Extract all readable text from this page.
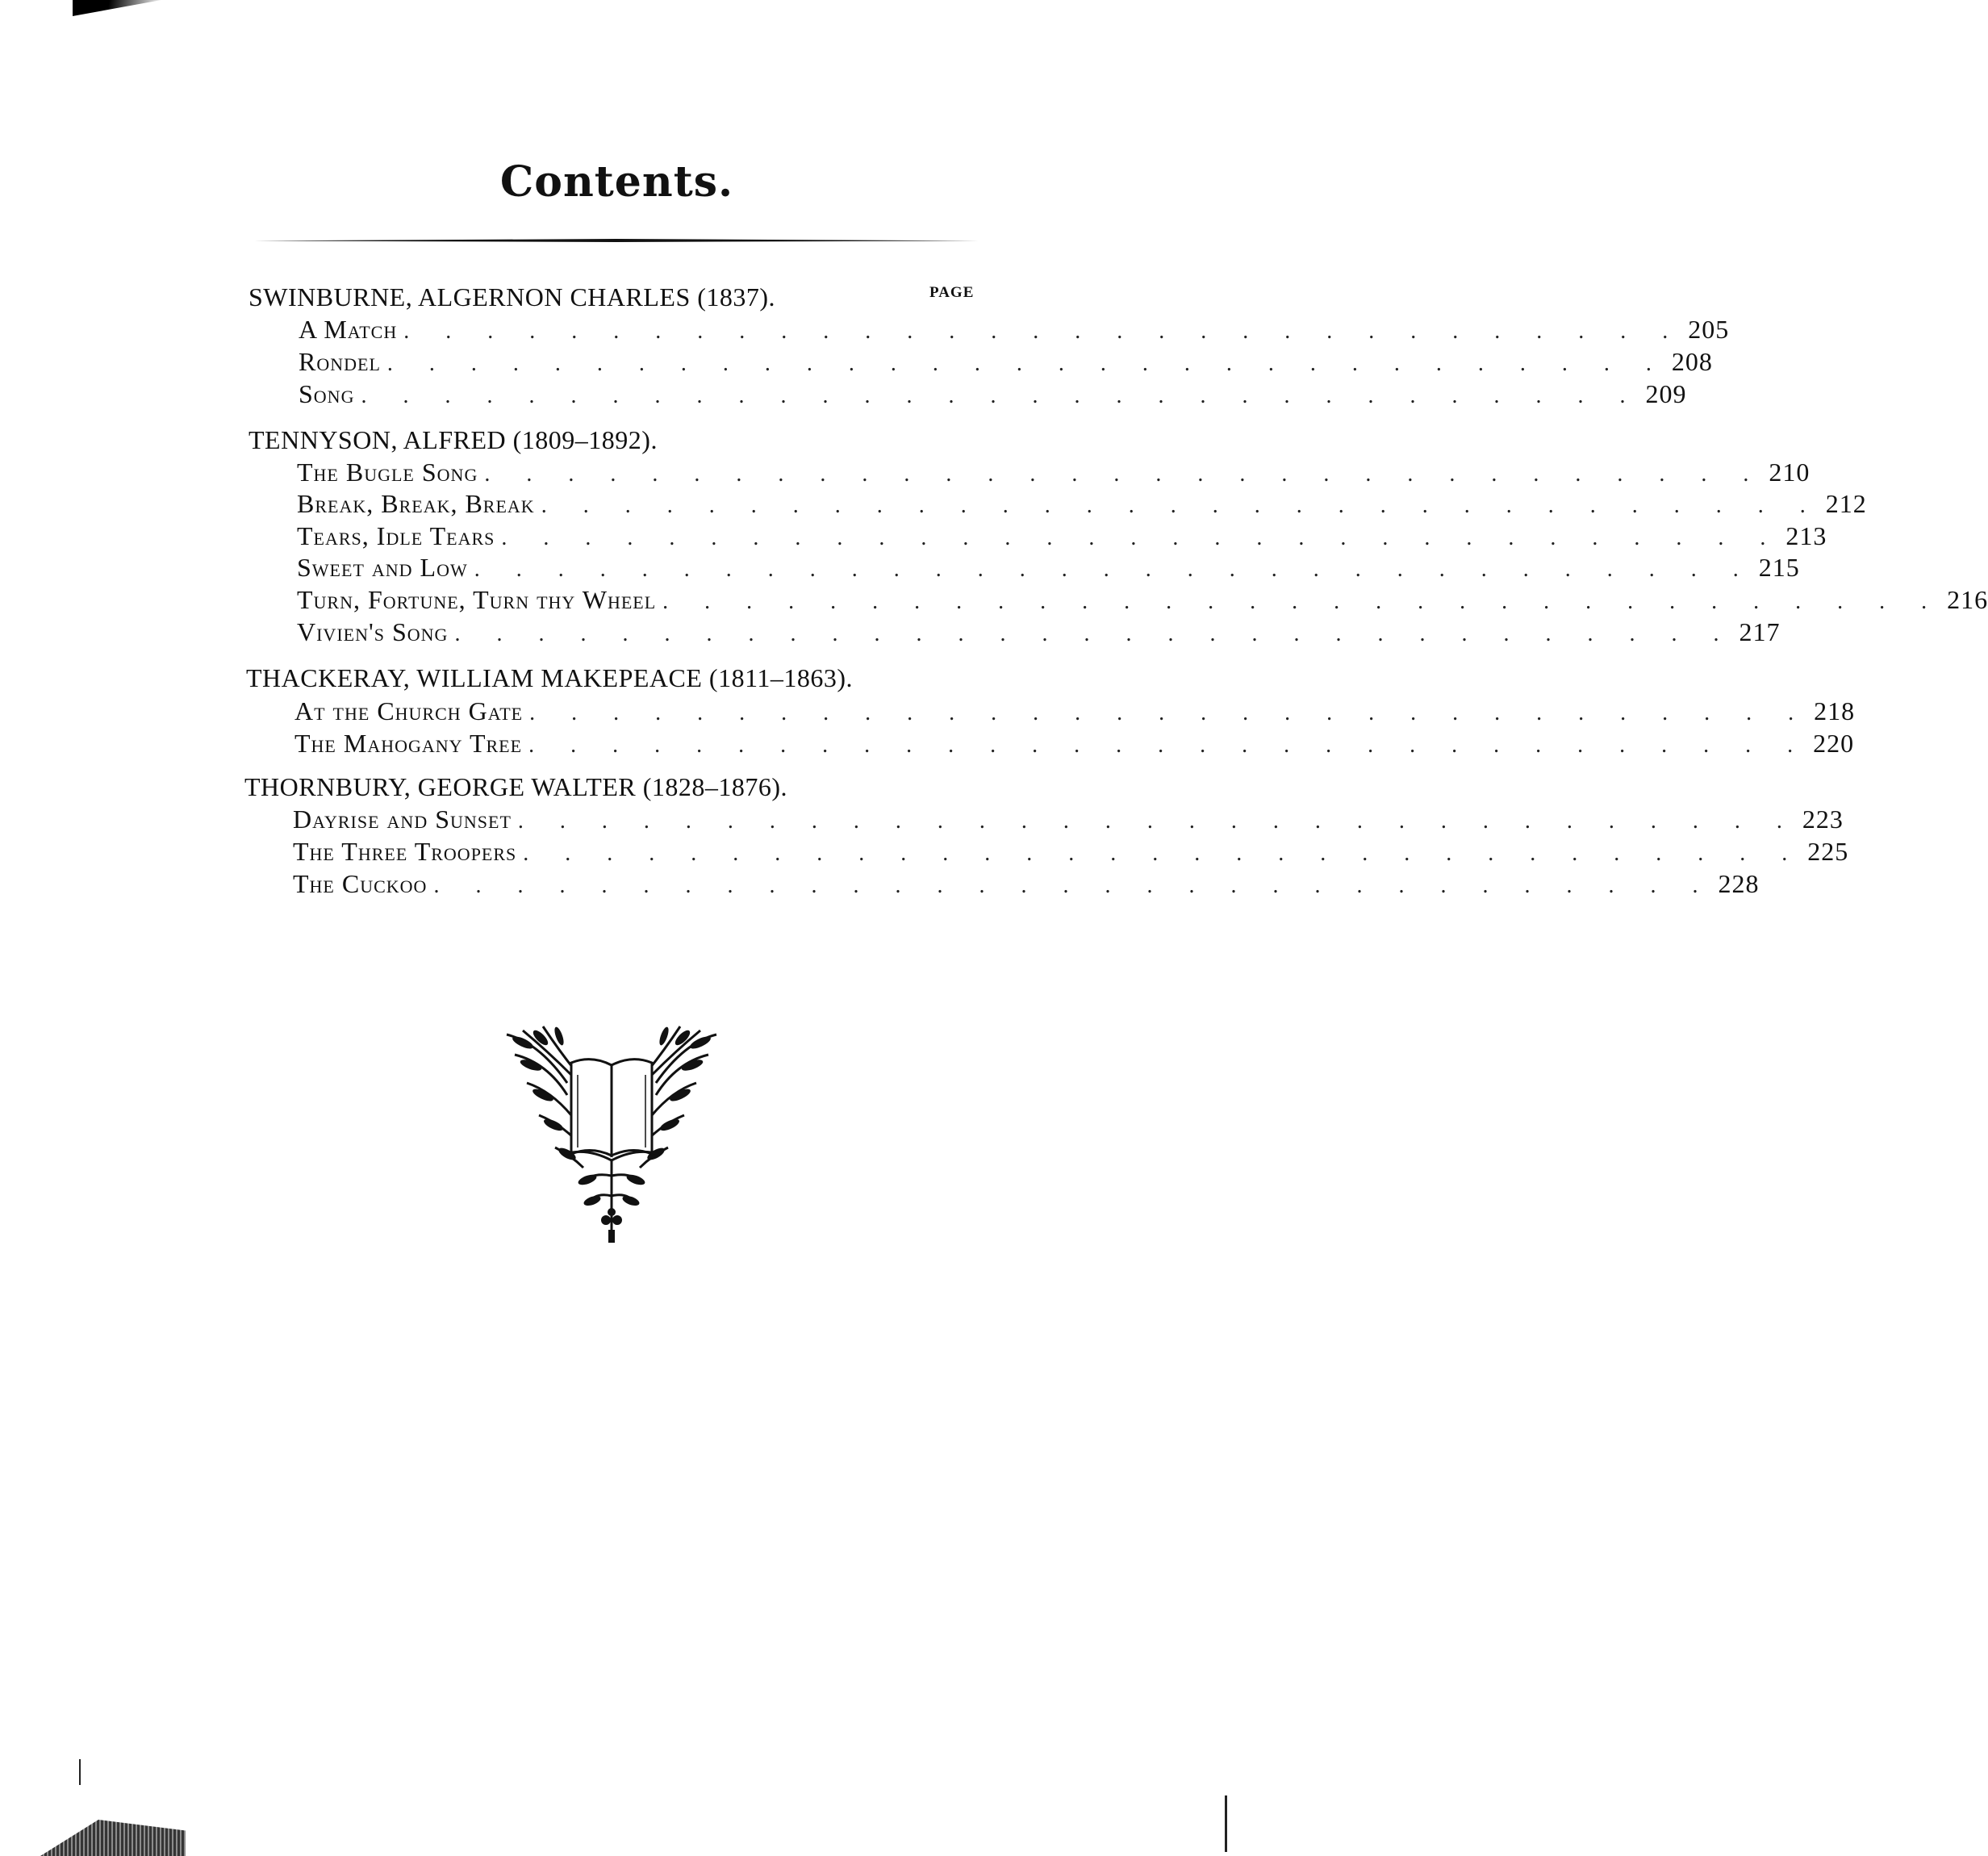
Contents.
PAGE
SWINBURNE, ALGERNON CHARLES (1837).
A Match . . . . . . . . . . . . . . . . . . . . . . . . . . . . . . . 205
Rondel . . . . . . . . . . . . . . . . . . . . . . . . . . . . . . . 208
Song . . . . . . . . . . . . . . . . . . . . . . . . . . . . . . . 209
TENNYSON, ALFRED (1809–1892).
The Bugle Song . . . . . . . . . . . . . . . . . . . . . . . . . . . . . . . 210
Break, Break, Break . . . . . . . . . . . . . . . . . . . . . . . . . . . . . . . 212
Tears, Idle Tears . . . . . . . . . . . . . . . . . . . . . . . . . . . . . . . 213
Sweet and Low . . . . . . . . . . . . . . . . . . . . . . . . . . . . . . . 215
Turn, Fortune, Turn thy Wheel . . . . . . . . . . . . . . . . . . . . . . . . . . . . . . . 216
Vivien's Song . . . . . . . . . . . . . . . . . . . . . . . . . . . . . . . 217
THACKERAY, WILLIAM MAKEPEACE (1811–1863).
At the Church Gate . . . . . . . . . . . . . . . . . . . . . . . . . . . . . . . 218
The Mahogany Tree . . . . . . . . . . . . . . . . . . . . . . . . . . . . . . . 220
THORNBURY, GEORGE WALTER (1828–1876).
Dayrise and Sunset . . . . . . . . . . . . . . . . . . . . . . . . . . . . . . . 223
The Three Troopers . . . . . . . . . . . . . . . . . . . . . . . . . . . . . . . 225
The Cuckoo . . . . . . . . . . . . . . . . . . . . . . . . . . . . . . . 228
